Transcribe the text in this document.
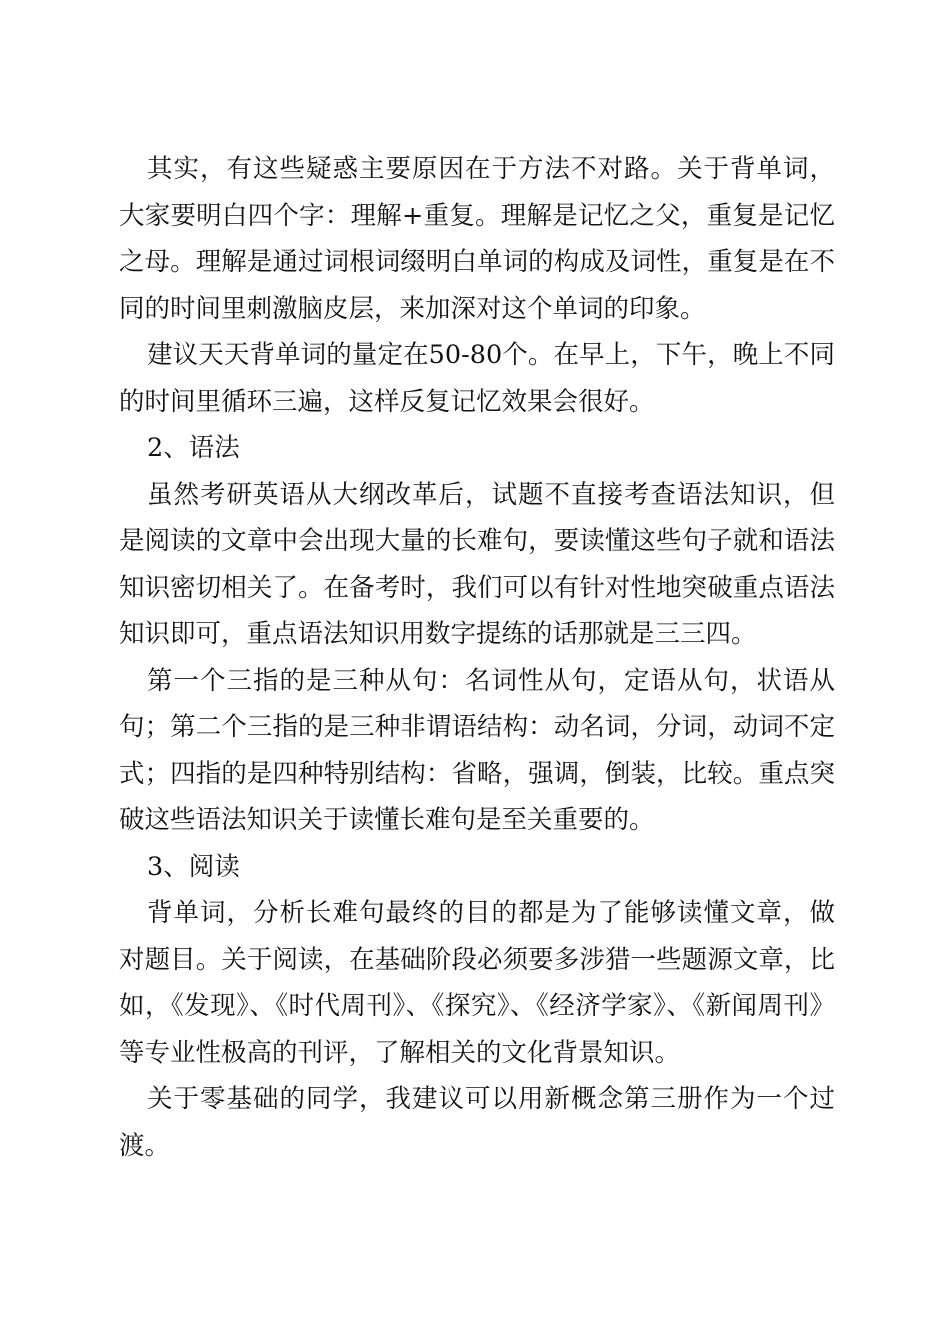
其实，有这些疑惑主要原因在于方法不对路。关于背单词，大家要明白四个字：理解+重复。理解是记忆之父，重复是记忆之母。理解是通过词根词缀明白单词的构成及词性，重复是在不同的时间里刺激脑皮层，来加深对这个单词的印象。

建议天天背单词的量定在50-80个。在早上，下午，晚上不同的时间里循环三遍，这样反复记忆效果会很好。

2、语法

虽然考研英语从大纲改革后，试题不直接考查语法知识，但是阅读的文章中会出现大量的长难句，要读懂这些句子就和语法知识密切相关了。在备考时，我们可以有针对性地突破重点语法知识即可，重点语法知识用数字提练的话那就是三三四。

第一个三指的是三种从句：名词性从句，定语从句，状语从句；第二个三指的是三种非谓语结构：动名词，分词，动词不定式；四指的是四种特别结构：省略，强调，倒装，比较。重点突破这些语法知识关于读懂长难句是至关重要的。

3、阅读

背单词，分析长难句最终的目的都是为了能够读懂文章，做对题目。关于阅读，在基础阶段必须要多涉猎一些题源文章，比如，《发现》、《时代周刊》、《探究》、《经济学家》、《新闻周刊》等专业性极高的刊评，了解相关的文化背景知识。

关于零基础的同学，我建议可以用新概念第三册作为一个过渡。
